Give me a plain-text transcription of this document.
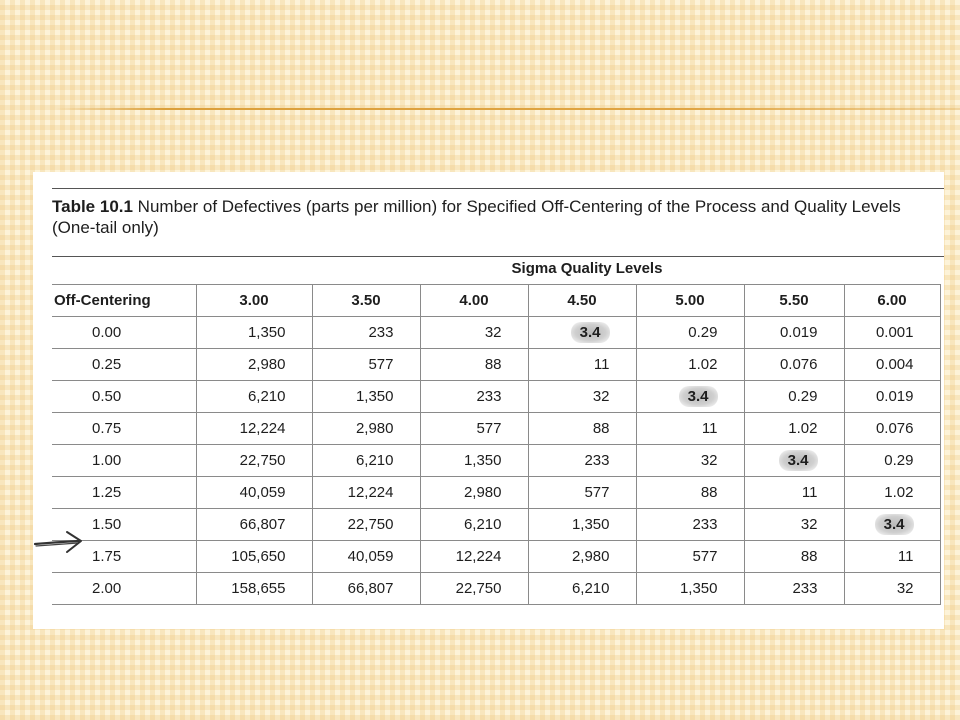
Table 10.1 Number of Defectives (parts per million) for Specified Off-Centering of the Process and Quality Levels (One-tail only)
Sigma Quality Levels
Off-Centering	3.00	3.50	4.00	4.50	5.00	5.50	6.00
0.00	1,350	233	32	3.4	0.29	0.019	0.001
0.25	2,980	577	88	11	1.02	0.076	0.004
0.50	6,210	1,350	233	32	3.4	0.29	0.019
0.75	12,224	2,980	577	88	11	1.02	0.076
1.00	22,750	6,210	1,350	233	32	3.4	0.29
1.25	40,059	12,224	2,980	577	88	11	1.02
1.50	66,807	22,750	6,210	1,350	233	32	3.4
1.75	105,650	40,059	12,224	2,980	577	88	11
2.00	158,655	66,807	22,750	6,210	1,350	233	32
